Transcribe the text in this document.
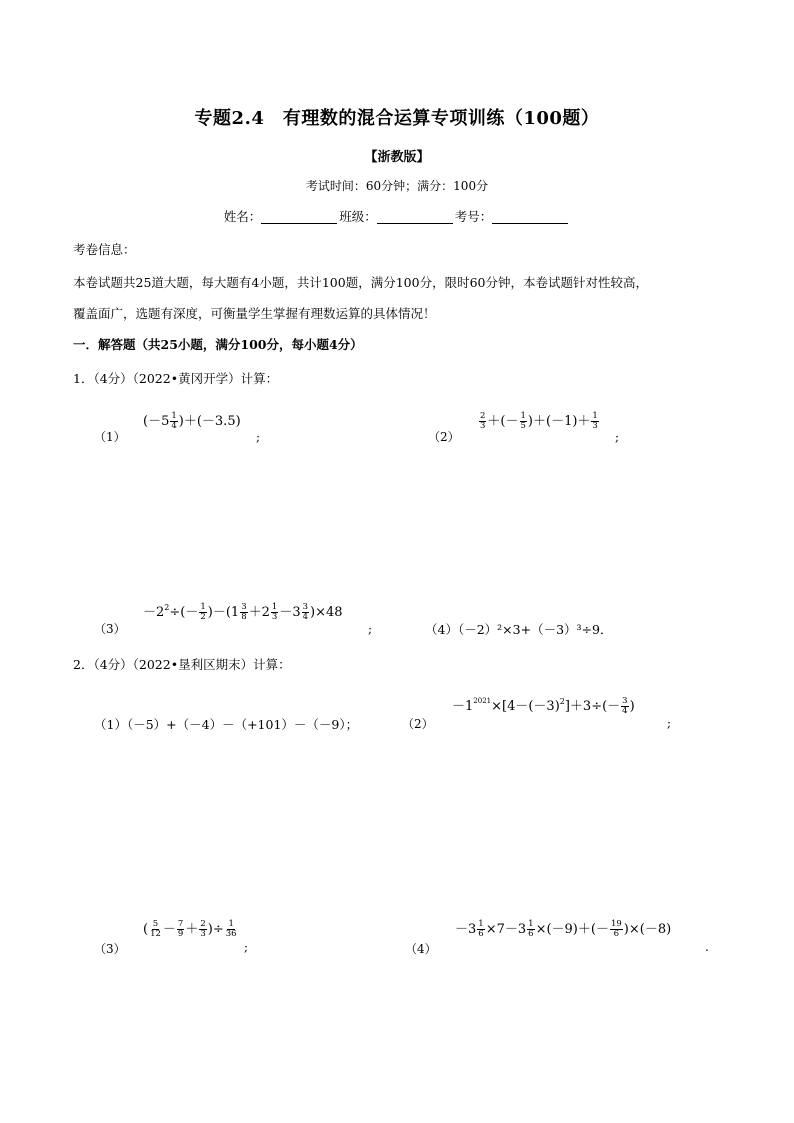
专题2.4　有理数的混合运算专项训练（100题）
【浙教版】
考试时间：60分钟；满分：100分
姓名：	班级：	考号：
考卷信息：
本卷试题共25道大题，每大题有4小题，共计100题，满分100分，限时60分钟，本卷试题针对性较高，
覆盖面广，选题有深度，可衡量学生掌握有理数运算的具体情况！
一．解答题（共25小题，满分100分，每小题4分）
1．（4分）（2022•黄冈开学）计算：
（1）
$(-5 \frac{1}{4} )+(-3.5)$
;	（2）
$\frac{2}{3}$ ＋(－ $\frac{1}{5} )+(-1)+ \frac{1}{3}$
;
（3）
$-2^2\div(- \frac{1}{2} )-(1 \frac{3}{8} +2 \frac{1}{3} -3 \frac{3}{4} )\times 48$
;	（4）（－2）²×3+（－3）³÷9．
2．（4分）（2022•垦利区期末）计算：
（1）（－5）+（－4）－（+101）－（－9）；	（2）
$-1^{2021}\times[4-(-3)^2]+3\div(- \frac{3}{4}$ )
;
（3）
( $\frac{5}{12} - \frac{7}{9} + \frac{2}{3}$ )÷ $\frac{1}{36}$
;	（4）
$-3 \frac{1}{6} \times 7-3 \frac{1}{6} \times(-9)+(- \frac{19}{6} )\times(-8)$
.
